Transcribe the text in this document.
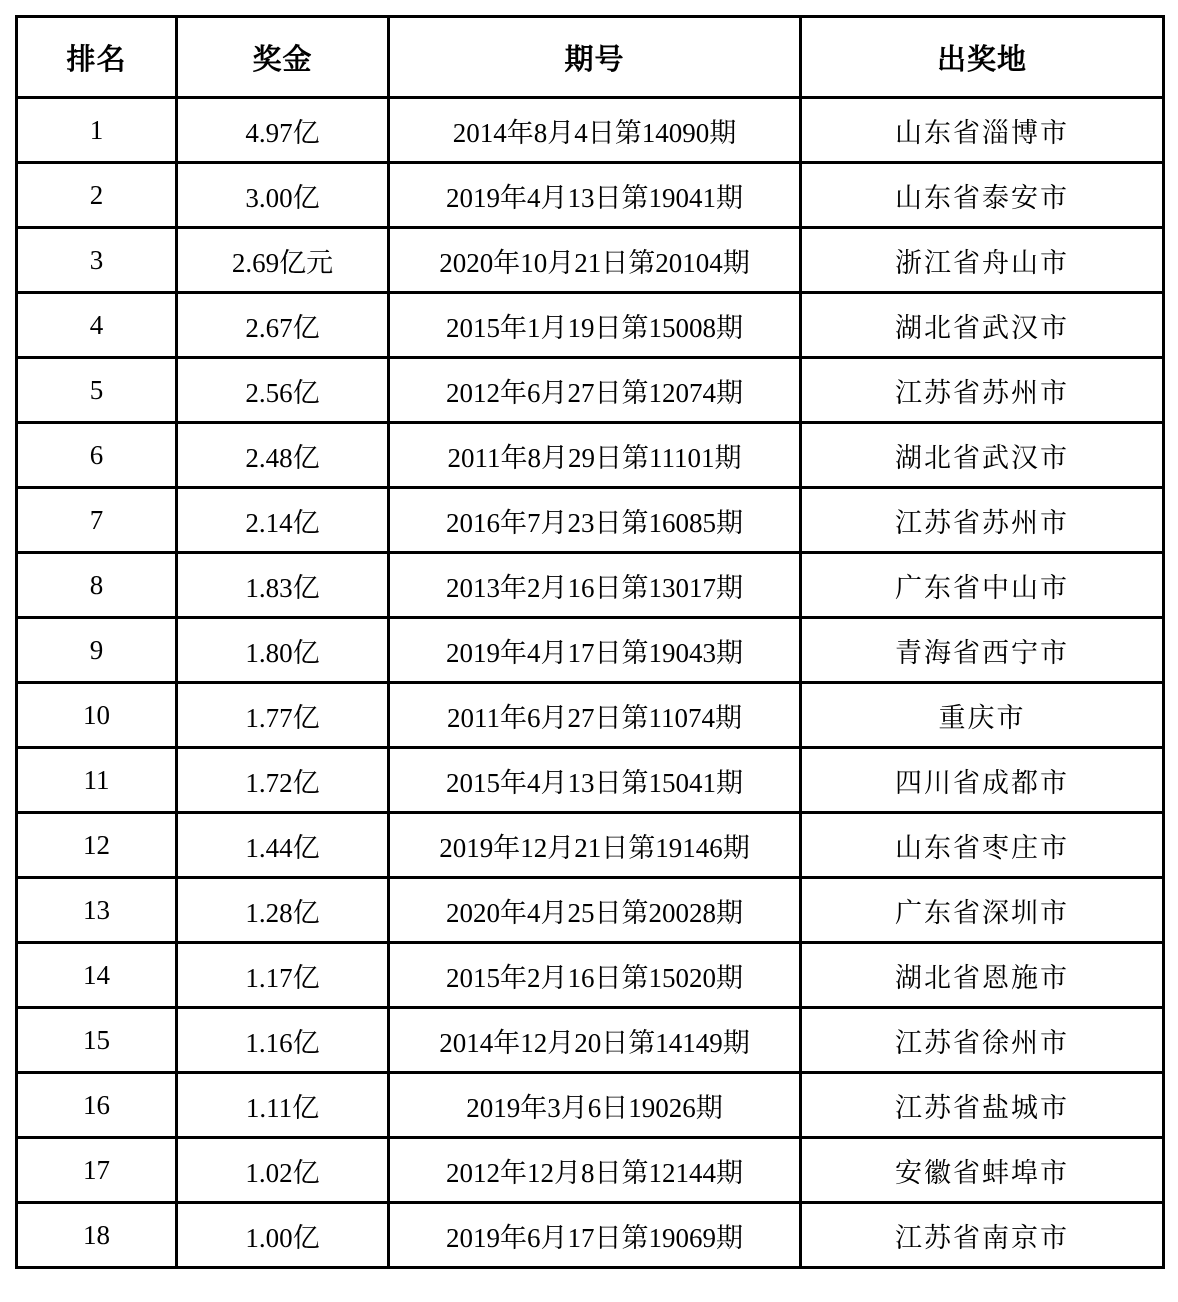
排名	奖金	期号	出奖地
1	4.97亿	2014年8月4日第14090期	山东省淄博市
2	3.00亿	2019年4月13日第19041期	山东省泰安市
3	2.69亿元	2020年10月21日第20104期	浙江省舟山市
4	2.67亿	2015年1月19日第15008期	湖北省武汉市
5	2.56亿	2012年6月27日第12074期	江苏省苏州市
6	2.48亿	2011年8月29日第11101期	湖北省武汉市
7	2.14亿	2016年7月23日第16085期	江苏省苏州市
8	1.83亿	2013年2月16日第13017期	广东省中山市
9	1.80亿	2019年4月17日第19043期	青海省西宁市
10	1.77亿	2011年6月27日第11074期	重庆市
11	1.72亿	2015年4月13日第15041期	四川省成都市
12	1.44亿	2019年12月21日第19146期	山东省枣庄市
13	1.28亿	2020年4月25日第20028期	广东省深圳市
14	1.17亿	2015年2月16日第15020期	湖北省恩施市
15	1.16亿	2014年12月20日第14149期	江苏省徐州市
16	1.11亿	2019年3月6日19026期	江苏省盐城市
17	1.02亿	2012年12月8日第12144期	安徽省蚌埠市
18	1.00亿	2019年6月17日第19069期	江苏省南京市
